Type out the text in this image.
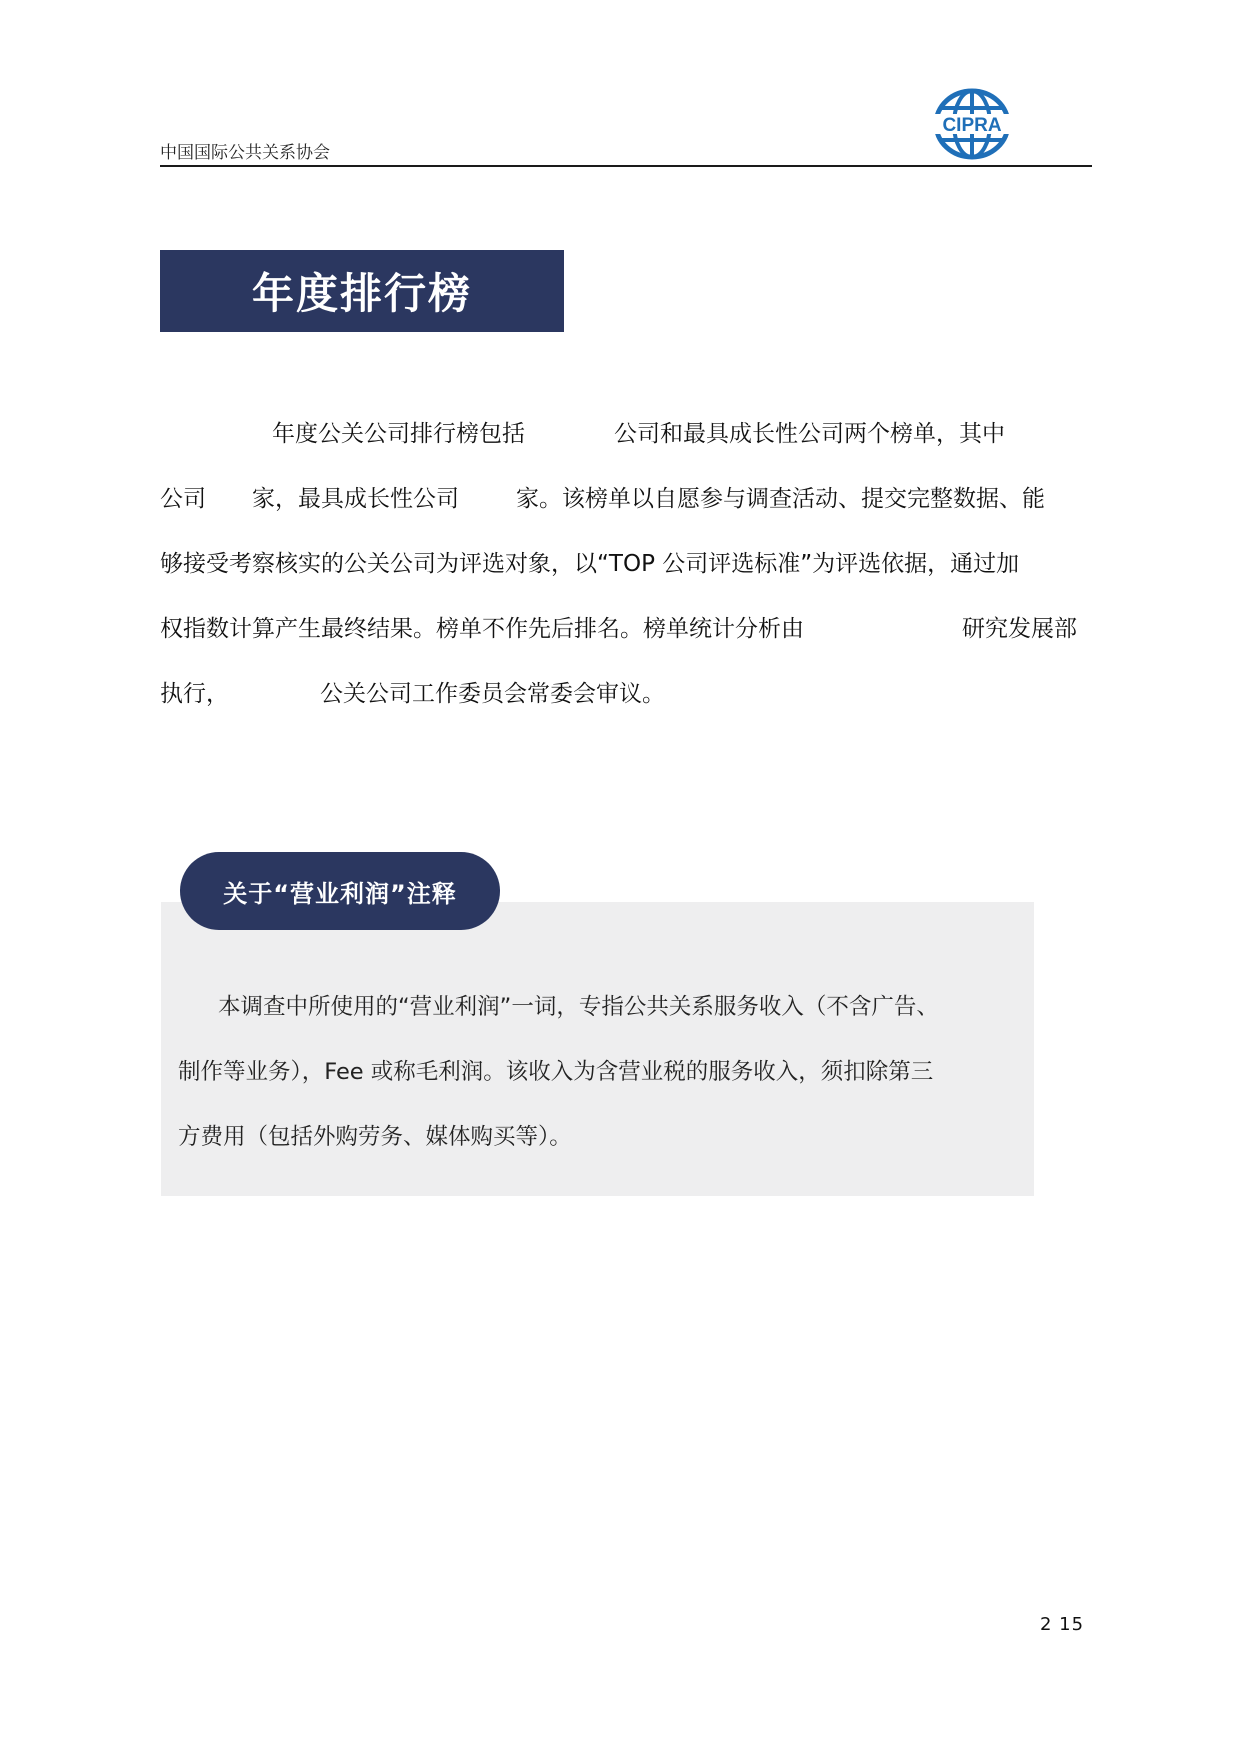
中国国际公共关系协会
CIPRA
年度排行榜
年度公关公司排行榜包括	公司和最具成长性公司两个榜单，其中
公司 家，最具成长性公司 家。该榜单以自愿参与调查活动、提交完整数据、能
够接受考察核实的公关公司为评选对象，以“TOP 公司评选标准”为评选依据，通过加
权指数计算产生最终结果。榜单不作先后排名。榜单统计分析由	研究发展部
执行，	公关公司工作委员会常委会审议。
关于“营业利润”注释
本调查中所使用的“营业利润”一词，专指公共关系服务收入（不含广告、
制作等业务），Fee 或称毛利润。该收入为含营业税的服务收入，须扣除第三
方费用（包括外购劳务、媒体购买等）。
2 15
